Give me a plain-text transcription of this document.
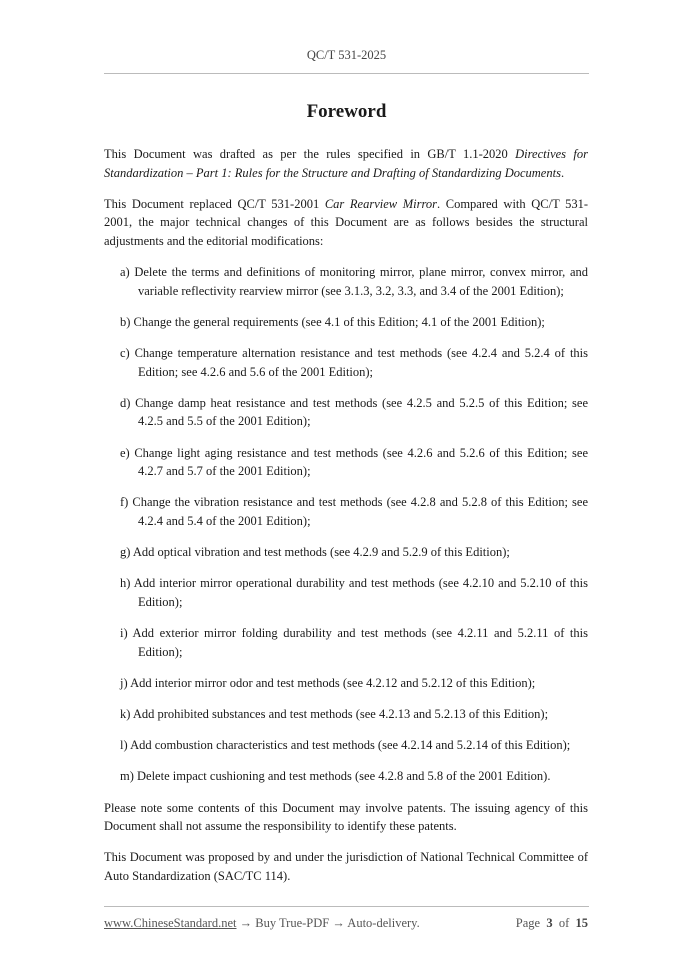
QC/T 531-2025
Foreword

This Document was drafted as per the rules specified in GB/T 1.1-2020 Directives for Standardization – Part 1: Rules for the Structure and Drafting of Standardizing Documents.

This Document replaced QC/T 531-2001 Car Rearview Mirror. Compared with QC/T 531-2001, the major technical changes of this Document are as follows besides the structural adjustments and the editorial modifications:

a) Delete the terms and definitions of monitoring mirror, plane mirror, convex mirror, and variable reflectivity rearview mirror (see 3.1.3, 3.2, 3.3, and 3.4 of the 2001 Edition);
b) Change the general requirements (see 4.1 of this Edition; 4.1 of the 2001 Edition);
c) Change temperature alternation resistance and test methods (see 4.2.4 and 5.2.4 of this Edition; see 4.2.6 and 5.6 of the 2001 Edition);
d) Change damp heat resistance and test methods (see 4.2.5 and 5.2.5 of this Edition; see 4.2.5 and 5.5 of the 2001 Edition);
e) Change light aging resistance and test methods (see 4.2.6 and 5.2.6 of this Edition; see 4.2.7 and 5.7 of the 2001 Edition);
f) Change the vibration resistance and test methods (see 4.2.8 and 5.2.8 of this Edition; see 4.2.4 and 5.4 of the 2001 Edition);
g) Add optical vibration and test methods (see 4.2.9 and 5.2.9 of this Edition);
h) Add interior mirror operational durability and test methods (see 4.2.10 and 5.2.10 of this Edition);
i) Add exterior mirror folding durability and test methods (see 4.2.11 and 5.2.11 of this Edition);
j) Add interior mirror odor and test methods (see 4.2.12 and 5.2.12 of this Edition);
k) Add prohibited substances and test methods (see 4.2.13 and 5.2.13 of this Edition);
l) Add combustion characteristics and test methods (see 4.2.14 and 5.2.14 of this Edition);
m) Delete impact cushioning and test methods (see 4.2.8 and 5.8 of the 2001 Edition).

Please note some contents of this Document may involve patents. The issuing agency of this Document shall not assume the responsibility to identify these patents.

This Document was proposed by and under the jurisdiction of National Technical Committee of Auto Standardization (SAC/TC 114).

www.ChineseStandard.net → Buy True-PDF → Auto-delivery.	Page 3 of 15
